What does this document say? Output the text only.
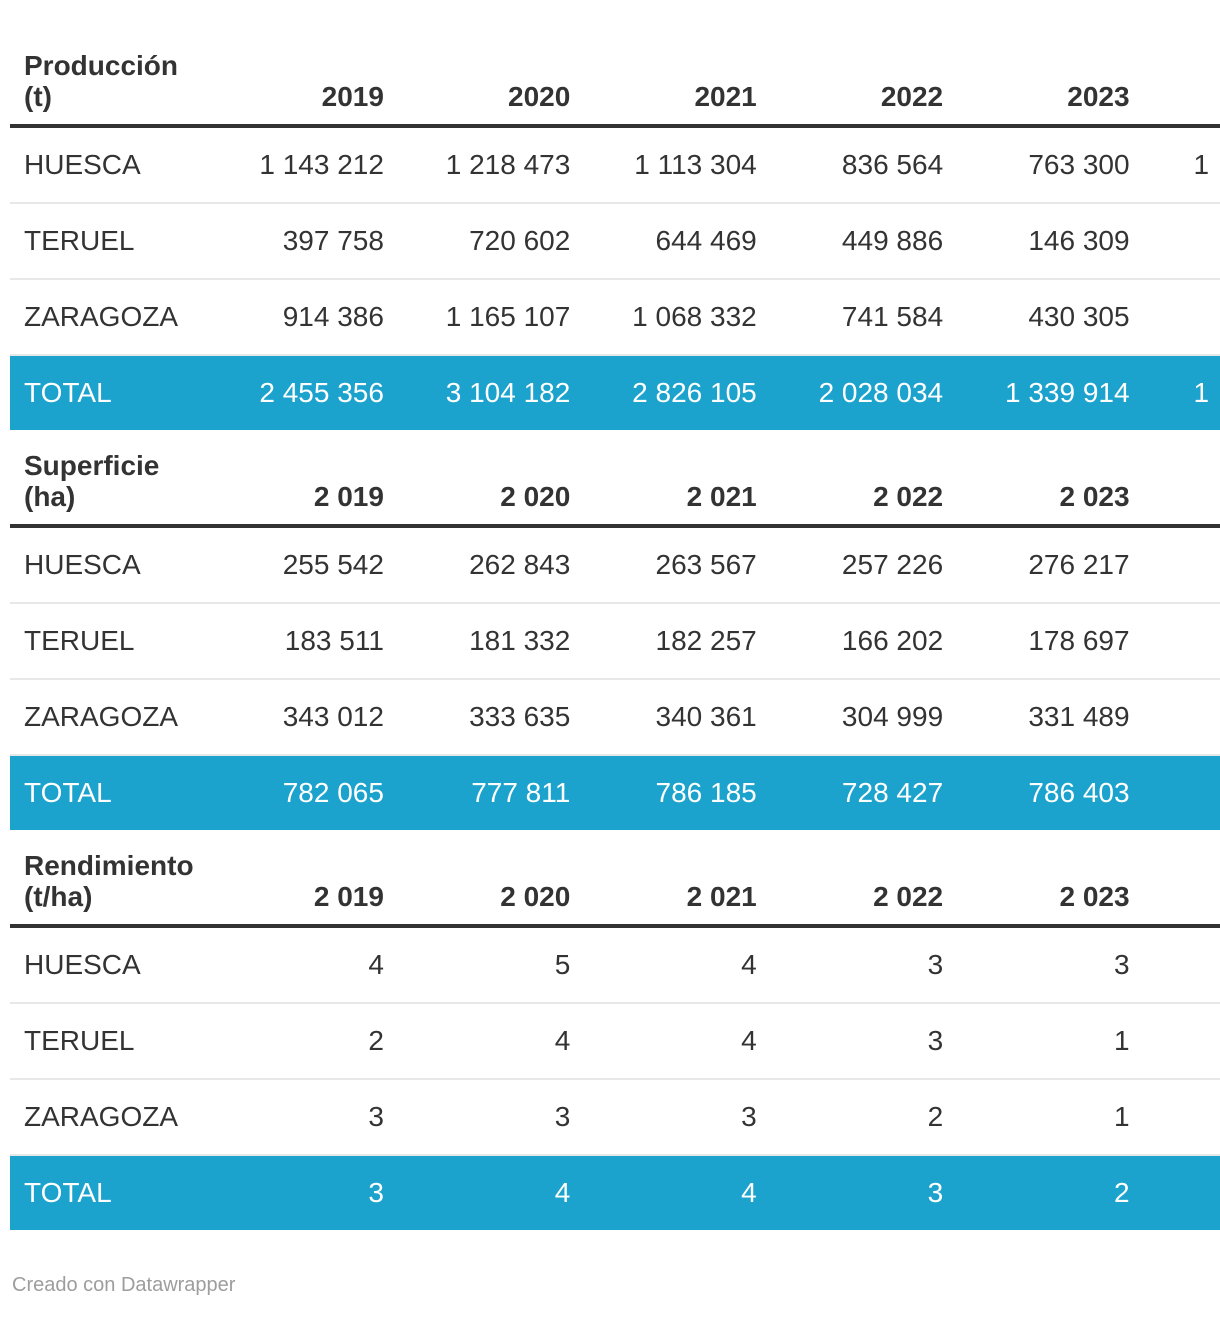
Producción
(t)	2019	2020	2021	2022	2023	
HUESCA	1 143 212	1 218 473	1 113 304	836 564	763 300	1
TERUEL	397 758	720 602	644 469	449 886	146 309	
ZARAGOZA	914 386	1 165 107	1 068 332	741 584	430 305	
TOTAL	2 455 356	3 104 182	2 826 105	2 028 034	1 339 914	1
Superficie
(ha)	2 019	2 020	2 021	2 022	2 023	
HUESCA	255 542	262 843	263 567	257 226	276 217	
TERUEL	183 511	181 332	182 257	166 202	178 697	
ZARAGOZA	343 012	333 635	340 361	304 999	331 489	
TOTAL	782 065	777 811	786 185	728 427	786 403	
Rendimiento
(t/ha)	2 019	2 020	2 021	2 022	2 023	
HUESCA	4	5	4	3	3	
TERUEL	2	4	4	3	1	
ZARAGOZA	3	3	3	2	1	
TOTAL	3	4	4	3	2	
Creado con Datawrapper
